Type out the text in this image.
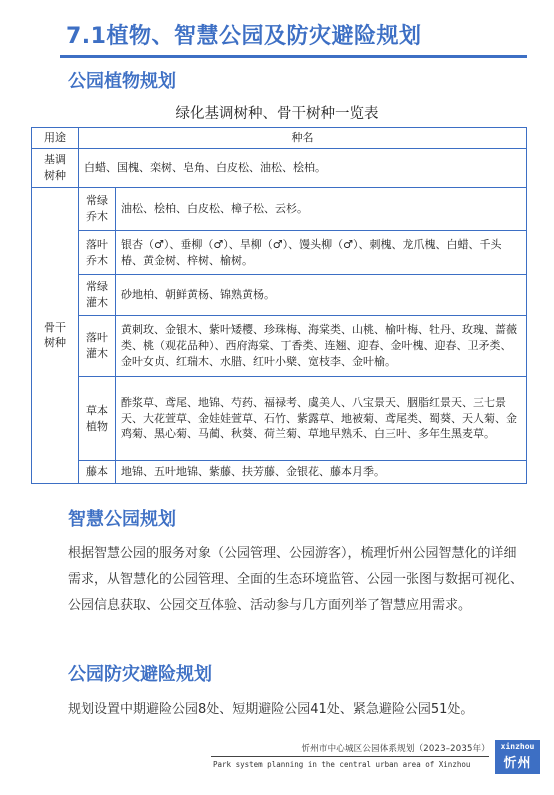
7.1植物、智慧公园及防灾避险规划
公园植物规划
绿化基调树种、骨干树种一览表
用途	种名	
基调树种	白蜡、国槐、栾树、皂角、白皮松、油松、桧柏。	
骨干树种	常绿乔木	油松、桧柏、白皮松、樟子松、云杉。
	落叶乔木	银杏（♂）、垂柳（♂）、旱柳（♂）、馒头柳（♂）、刺槐、龙爪槐、白蜡、千头椿、黄金树、梓树、榆树。
	常绿灌木	砂地柏、朝鲜黄杨、锦熟黄杨。
	落叶灌木	黄刺玫、金银木、紫叶矮樱、珍珠梅、海棠类、山桃、榆叶梅、牡丹、玫瑰、蔷薇类、桃（观花品种）、西府海棠、丁香类、连翘、迎春、金叶槐、迎春、卫矛类、金叶女贞、红瑞木、水腊、红叶小檗、宽枝李、金叶榆。
	草本植物	酢浆草、鸢尾、地锦、芍药、福禄考、虞美人、八宝景天、胭脂红景天、三七景天、大花萱草、金娃娃萱草、石竹、紫露草、地被菊、鸢尾类、蜀葵、天人菊、金鸡菊、黑心菊、马蔺、秋葵、荷兰菊、草地早熟禾、白三叶、多年生黑麦草。
	藤本	地锦、五叶地锦、紫藤、扶芳藤、金银花、藤本月季。
智慧公园规划
根据智慧公园的服务对象（公园管理、公园游客），梳理忻州公园智慧化的详细需求，从智慧化的公园管理、全面的生态环境监管、公园一张图与数据可视化、公园信息获取、公园交互体验、活动参与几方面列举了智慧应用需求。
公园防灾避险规划
规划设置中期避险公园8处、短期避险公园41处、紧急避险公园51处。
忻州市中心城区公园体系规划（2023–2035年）
Park system planning in the central urban area of Xinzhou
xinzhou
忻州
